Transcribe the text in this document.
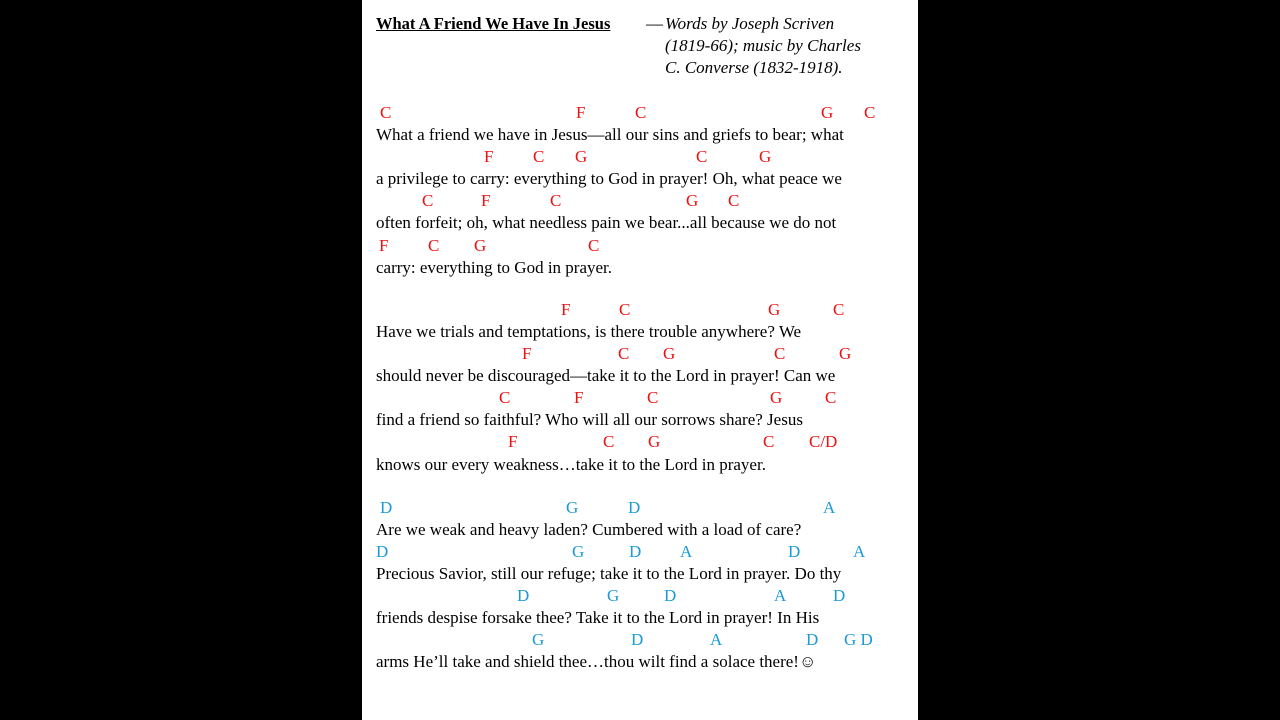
What A Friend We Have In Jesus — Words by Joseph Scriven
(1819-66); music by Charles
C. Converse (1832-1918).
C	F	C	G C
What a friend we have in Jesus—all our sins and griefs to bear; what
F C G	C	G
a privilege to carry: everything to God in prayer! Oh, what peace we
C	F	C	G C
often forfeit; oh, what needless pain we bear...all because we do not
F C G	C
carry: everything to God in prayer.
F	C	G	C
Have we trials and temptations, is there trouble anywhere? We
F	C G	C	G
should never be discouraged—take it to the Lord in prayer! Can we
C	F	C	G	C
find a friend so faithful? Who will all our sorrows share? Jesus
F	C G	C C/D
knows our every weakness…take it to the Lord in prayer.
D	G	D	A
Are we weak and heavy laden? Cumbered with a load of care?
D	G	D A	D	A
Precious Savior, still our refuge; take it to the Lord in prayer. Do thy
D	G	D	A	D
friends despise forsake thee? Take it to the Lord in prayer! In His
G	D	A	D G D
arms He’ll take and shield thee…thou wilt find a solace there!☺
